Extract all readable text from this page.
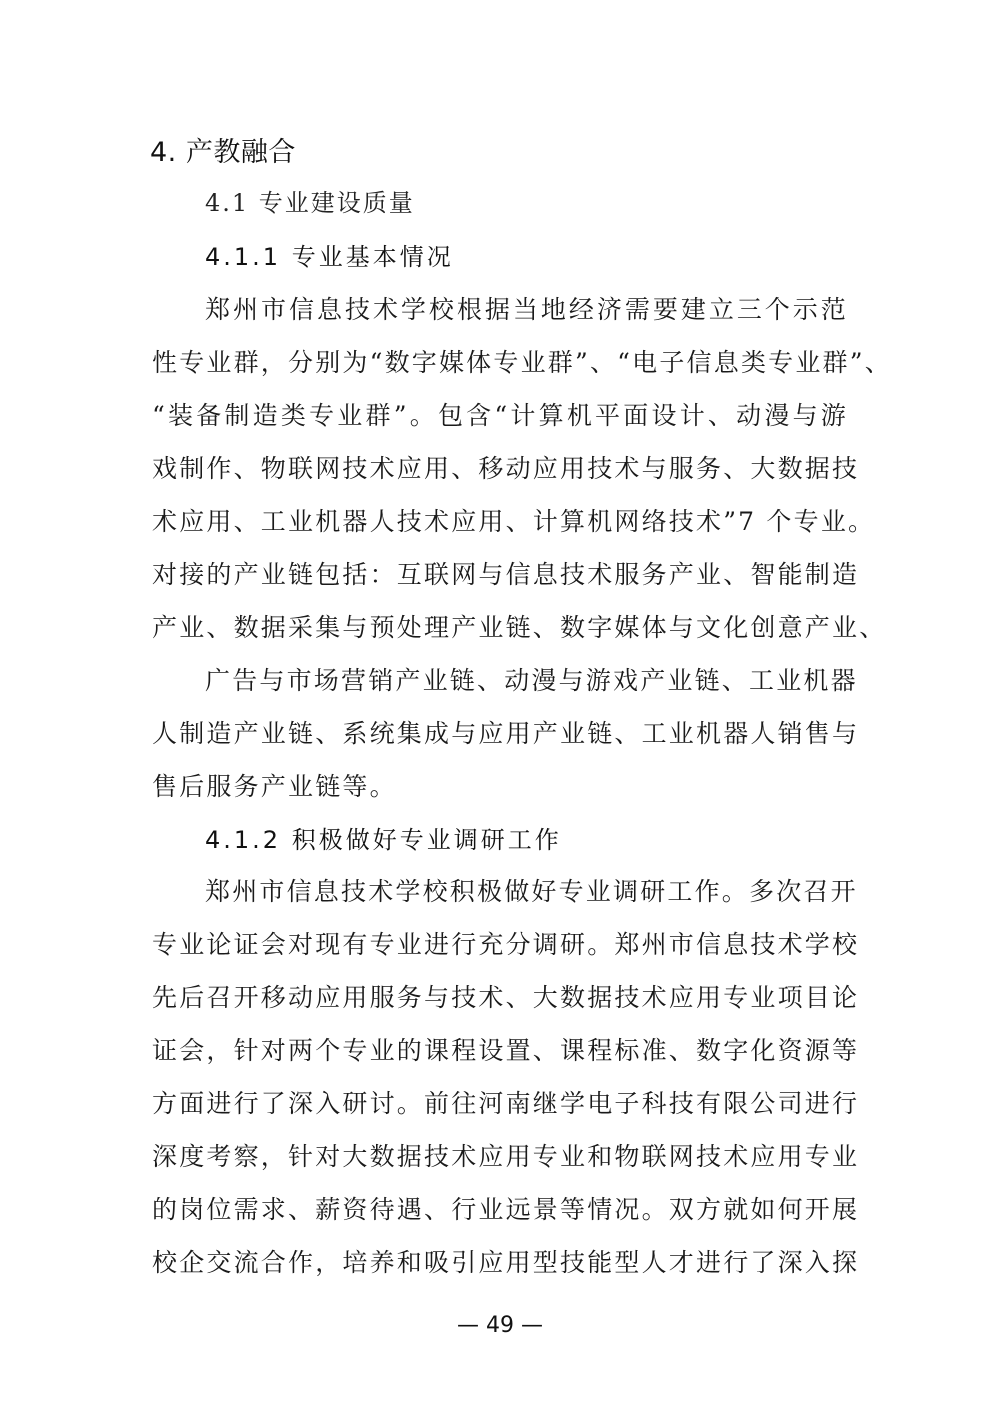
4. 产教融合
4.1 专业建设质量
4.1.1 专业基本情况
郑州市信息技术学校根据当地经济需要建立三个示范
性专业群，分别为“数字媒体专业群”、“电子信息类专业群”、
“装备制造类专业群”。包含“计算机平面设计、动漫与游
戏制作、物联网技术应用、移动应用技术与服务、大数据技
术应用、工业机器人技术应用、计算机网络技术”7 个专业。
对接的产业链包括：互联网与信息技术服务产业、智能制造
产业、数据采集与预处理产业链、数字媒体与文化创意产业、
广告与市场营销产业链、动漫与游戏产业链、工业机器
人制造产业链、系统集成与应用产业链、工业机器人销售与
售后服务产业链等。
4.1.2 积极做好专业调研工作
郑州市信息技术学校积极做好专业调研工作。多次召开
专业论证会对现有专业进行充分调研。郑州市信息技术学校
先后召开移动应用服务与技术、大数据技术应用专业项目论
证会，针对两个专业的课程设置、课程标准、数字化资源等
方面进行了深入研讨。前往河南继学电子科技有限公司进行
深度考察，针对大数据技术应用专业和物联网技术应用专业
的岗位需求、薪资待遇、行业远景等情况。双方就如何开展
校企交流合作，培养和吸引应用型技能型人才进行了深入探
— 49 —
